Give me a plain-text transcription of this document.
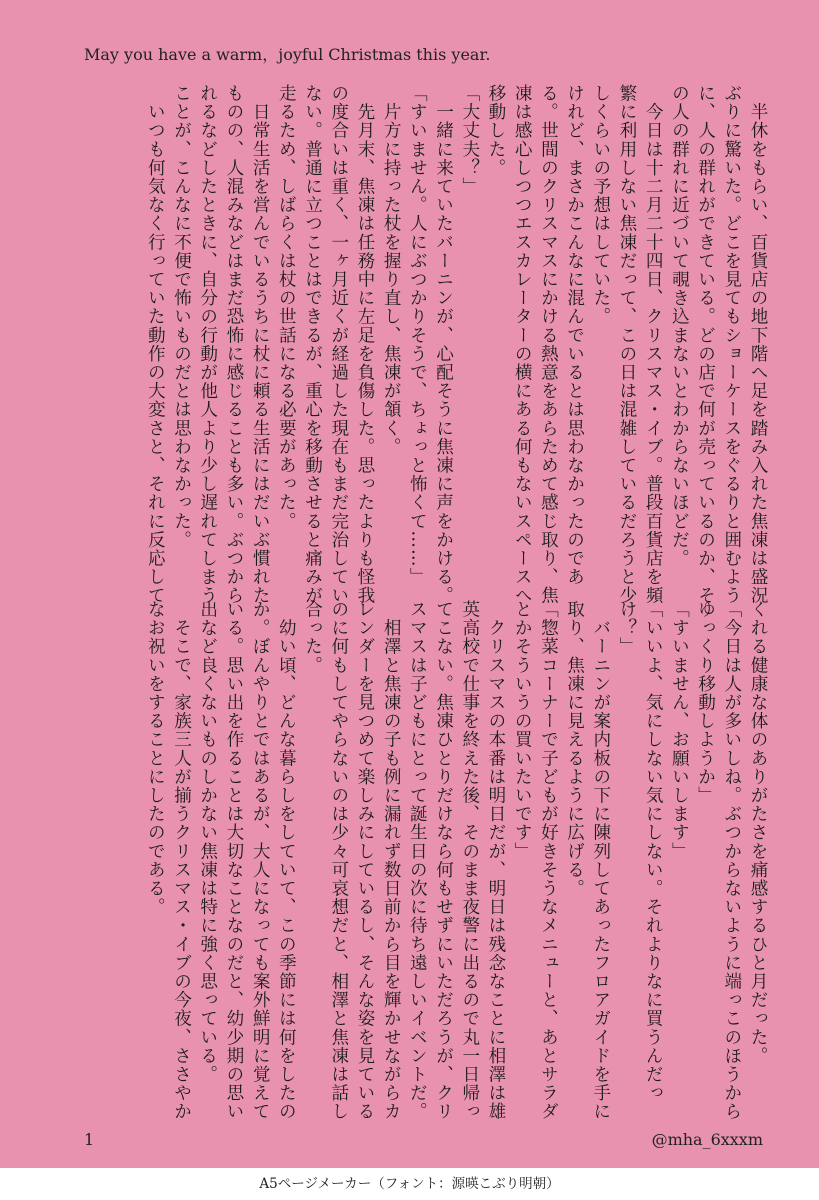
May you have a warm，joyful Christmas this year.

　半休をもらい、百貨店の地下階へ足を踏み入れた焦凍は盛況

ぶりに驚いた。どこを見てもショーケースをぐるりと囲むよう

に、人の群れができている。どの店で何が売っているのか、そ

の人の群れに近づいて覗き込まないとわからないほどだ。

　今日は十二月二十四日、クリスマス・イブ。普段百貨店を頻

繁に利用しない焦凍だって、この日は混雑しているだろうと少

しくらいの予想はしていた。

けれど、まさかこんなに混んでいるとは思わなかったのであ

る。世間のクリスマスにかける熱意をあらためて感じ取り、焦

凍は感心しつつエスカレーターの横にある何もないスペースへ

移動した。

「大丈夫？」

　一緒に来ていたバーニンが、心配そうに焦凍に声をかける。

「すいません。人にぶつかりそうで、ちょっと怖くて……」

　片方に持った杖を握り直し、焦凍が頷く。

　先月末、焦凍は任務中に左足を負傷した。思ったよりも怪我

の度合いは重く、一ヶ月近くが経過した現在もまだ完治してい

ない。普通に立つことはできるが、重心を移動させると痛みが

走るため、しばらくは杖の世話になる必要があった。

　日常生活を営んでいるうちに杖に頼る生活にはだいぶ慣れた

ものの、人混みなどはまだ恐怖に感じることも多い。ぶつから

れるなどしたときに、自分の行動が他人より少し遅れてしまう

ことが、こんなに不便で怖いものだとは思わなかった。

　いつも何気なく行っていた動作の大変さと、それに反応して

くれる健康な体のありがたさを痛感するひと月だった。

「今日は人が多いしね。ぶつからないように端っこのほうから

ゆっくり移動しようか」

「すいません、お願いします」

「いいよ、気にしない気にしない。それよりなに買うんだっ

け？」

　バーニンが案内板の下に陳列してあったフロアガイドを手に

取り、焦凍に見えるように広げる。

「惣菜コーナーで子どもが好きそうなメニューと、あとサラダ

とかそういうの買いたいです」

　クリスマスの本番は明日だが、明日は残念なことに相澤は雄

英高校で仕事を終えた後、そのまま夜警に出るので丸一日帰っ

てこない。焦凍ひとりだけなら何もせずにいただろうが、クリ

スマスは子どもにとって誕生日の次に待ち遠しいイベントだ。

　相澤と焦凍の子も例に漏れず数日前から目を輝かせながらカ

レンダーを見つめて楽しみにしているし、そんな姿を見ている

のに何もしてやらないのは少々可哀想だと、相澤と焦凍は話し

合った。

　幼い頃、どんな暮らしをしていて、この季節には何をしたの

か。ぼんやりとではあるが、大人になっても案外鮮明に覚えて

いる。思い出を作ることは大切なことなのだと、幼少期の思い

出など良くないものしかない焦凍は特に強く思っている。

　そこで、家族三人が揃うクリスマス・イブの今夜、ささやか

なお祝いをすることにしたのである。

1	@mha_6xxxm
A5ページメーカー（フォント：源暎こぶり明朝）
